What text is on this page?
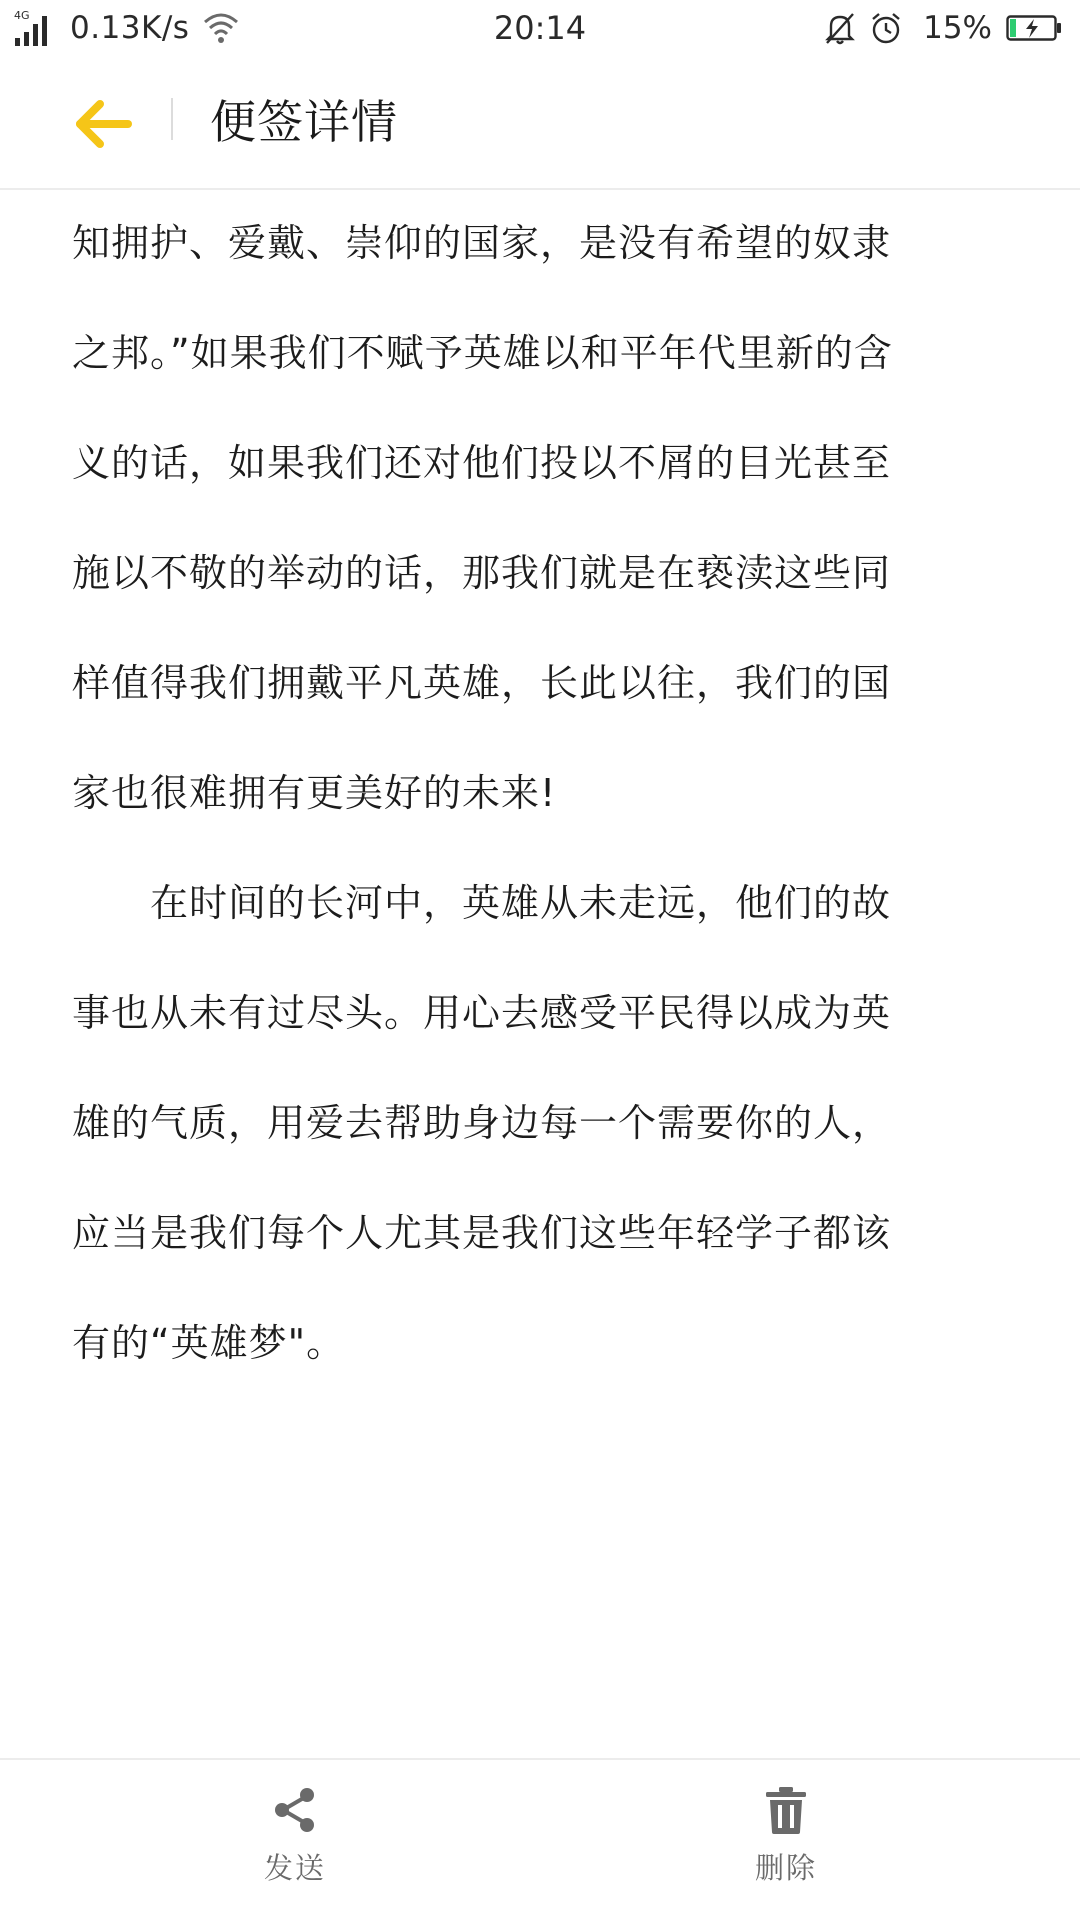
4G 0.13K/s	20:14	15%
便签详情

知拥护、爱戴、崇仰的国家，是没有希望的奴隶

之邦。”如果我们不赋予英雄以和平年代里新的含

义的话，如果我们还对他们投以不屑的目光甚至

施以不敬的举动的话，那我们就是在亵渎这些同

样值得我们拥戴平凡英雄，长此以往，我们的国

家也很难拥有更美好的未来!

在时间的长河中，英雄从未走远，他们的故

事也从未有过尽头。用心去感受平民得以成为英

雄的气质，用爱去帮助身边每一个需要你的人，

应当是我们每个人尤其是我们这些年轻学子都该

有的“英雄梦"。

发送	删除
